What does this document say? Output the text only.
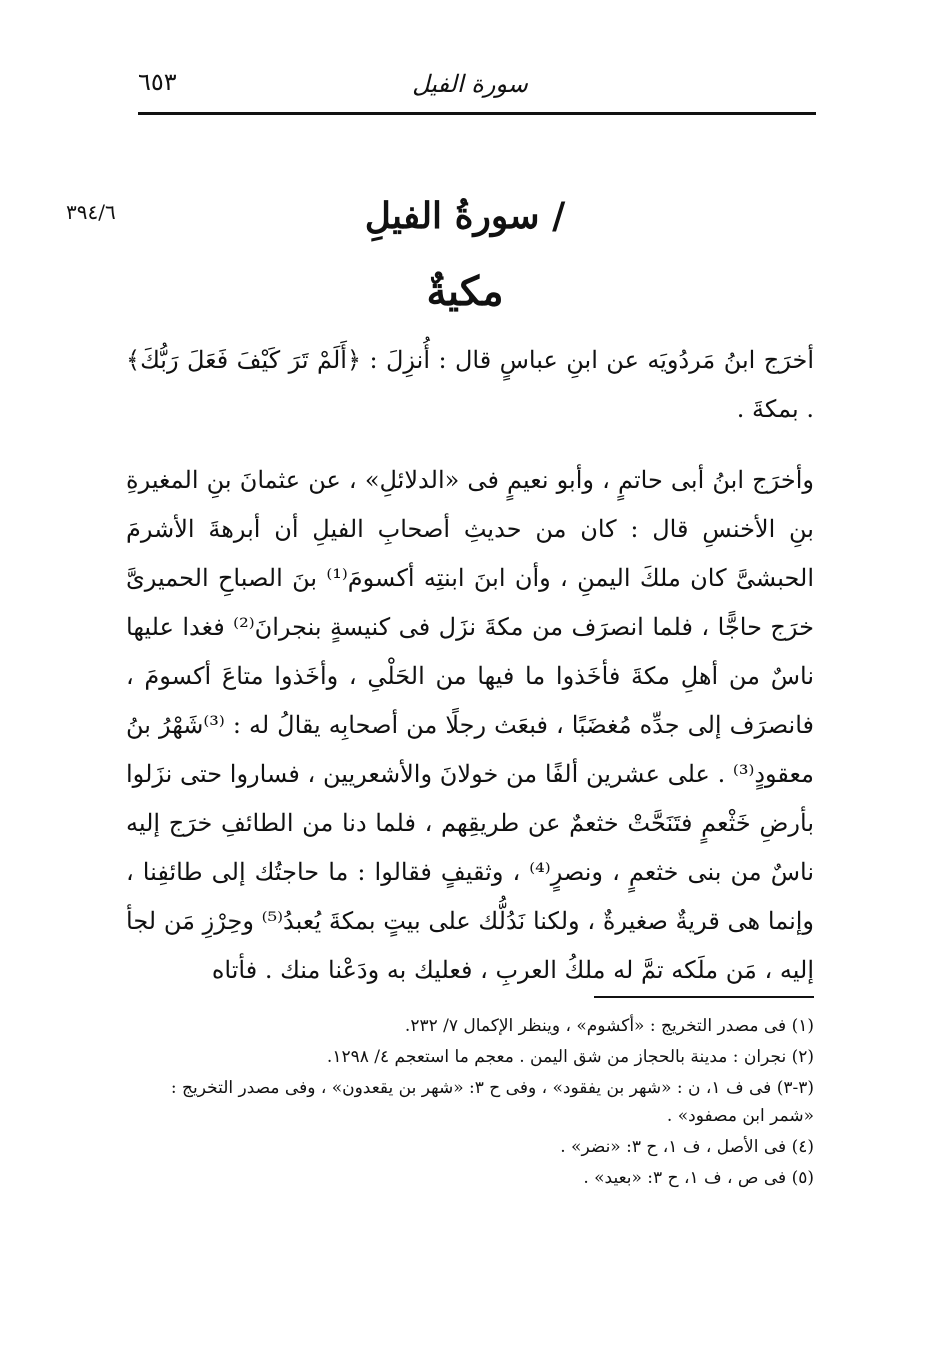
سورة الفيل
٦٥٣
٣٩٤/٦	/ سورةُ الفيلِ
مكيةٌ

أخرَج ابنُ مَردُويَه عن ابنِ عباسٍ قال : أُنزِلَ : ﴿أَلَمْ تَرَ كَيْفَ فَعَلَ رَبُّكَ﴾ . بمكةَ .

وأخرَج ابنُ أبى حاتمٍ ، وأبو نعيمٍ فى «الدلائلِ» ، عن عثمانَ بنِ المغيرةِ بنِ الأخنسِ قال : كان من حديثِ أصحابِ الفيلِ أن أبرهةَ الأشرمَ الحبشىَّ كان ملكَ اليمنِ ، وأن ابنَ ابنتِه أكسومَ⁽¹⁾ بنَ الصباحِ الحميرىَّ خرَج حاجًّا ، فلما انصرَف من مكةَ نزَل فى كنيسةٍ بنجرانَ⁽²⁾ فغدا عليها ناسٌ من أهلِ مكةَ فأخَذوا ما فيها من الحَلْىِ ، وأخَذوا متاعَ أكسومَ ، فانصرَف إلى جدِّه مُغضَبًا ، فبعَث رجلًا من أصحابِه يقالُ له : ⁽³⁾شَهْرُ بنُ معقودٍ⁽³⁾ . على عشرين ألفًا من خولانَ والأشعريين ، فساروا حتى نزَلوا بأرضِ خَثْعمٍ فتَنَحَّتْ خثعمٌ عن طريقِهم ، فلما دنا من الطائفِ خرَج إليه ناسٌ من بنى خثعمٍ ، ونصرٍ⁽⁴⁾ ، وثقيفٍ فقالوا : ما حاجتُك إلى طائفِنا ، وإنما هى قريةٌ صغيرةٌ ، ولكنا نَدُلُّك على بيتٍ بمكةَ يُعبدُ⁽⁵⁾ وحِرْزِ مَن لجأ إليه ، مَن ملَكه تمَّ له ملكُ العربِ ، فعليك به ودَعْنا منك . فأتاه

(١) فى مصدر التخريج : «أكشوم» ، وينظر الإكمال ٧/ ٢٣٢.
(٢) نجران : مدينة بالحجاز من شق اليمن . معجم ما استعجم ٤/ ١٢٩٨.
(٣-٣) فى ف ١، ن : «شهر بن يفقود» ، وفى ح ٣: «شهر بن يقعدون» ، وفى مصدر التخريج : «شمر ابن مصفود» .
(٤) فى الأصل ، ف ١، ح ٣: «نضر» .
(٥) فى ص ، ف ١، ح ٣: «بعيد» .
